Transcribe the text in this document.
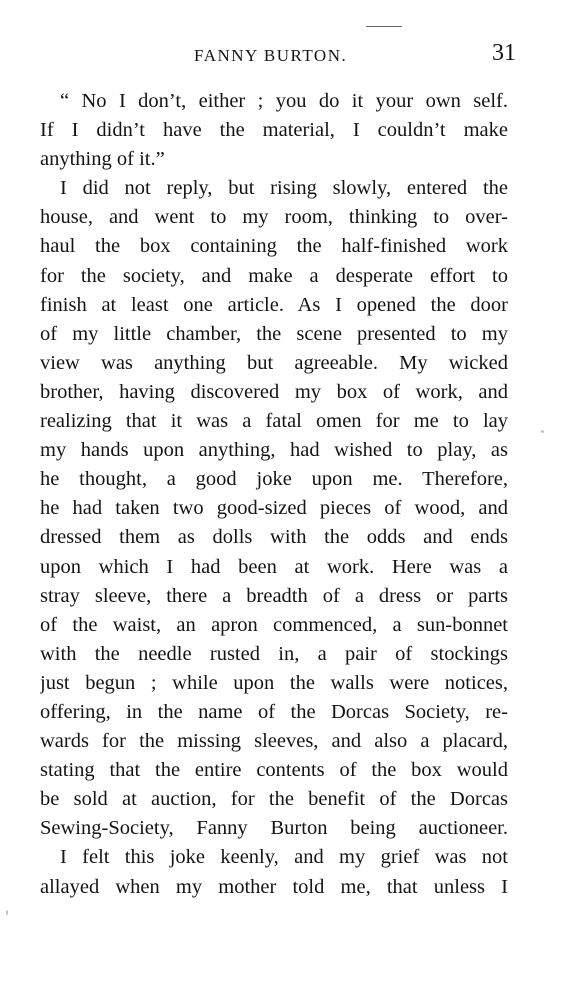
FANNY BURTON.	31
“ No I don’t, either ; you do it your own self.
If I didn’t have the material, I couldn’t make
anything of it.”
I did not reply, but rising slowly, entered the
house, and went to my room, thinking to over-
haul the box containing the half-finished work
for the society, and make a desperate effort to
finish at least one article. As I opened the door
of my little chamber, the scene presented to my
view was anything but agreeable. My wicked
brother, having discovered my box of work, and
realizing that it was a fatal omen for me to lay
my hands upon anything, had wished to play, as
he thought, a good joke upon me. Therefore,
he had taken two good-sized pieces of wood, and
dressed them as dolls with the odds and ends
upon which I had been at work. Here was a
stray sleeve, there a breadth of a dress or parts
of the waist, an apron commenced, a sun-bonnet
with the needle rusted in, a pair of stockings
just begun ; while upon the walls were notices,
offering, in the name of the Dorcas Society, re-
wards for the missing sleeves, and also a placard,
stating that the entire contents of the box would
be sold at auction, for the benefit of the Dorcas
Sewing-Society, Fanny Burton being auctioneer.
I felt this joke keenly, and my grief was not
allayed when my mother told me, that unless I
